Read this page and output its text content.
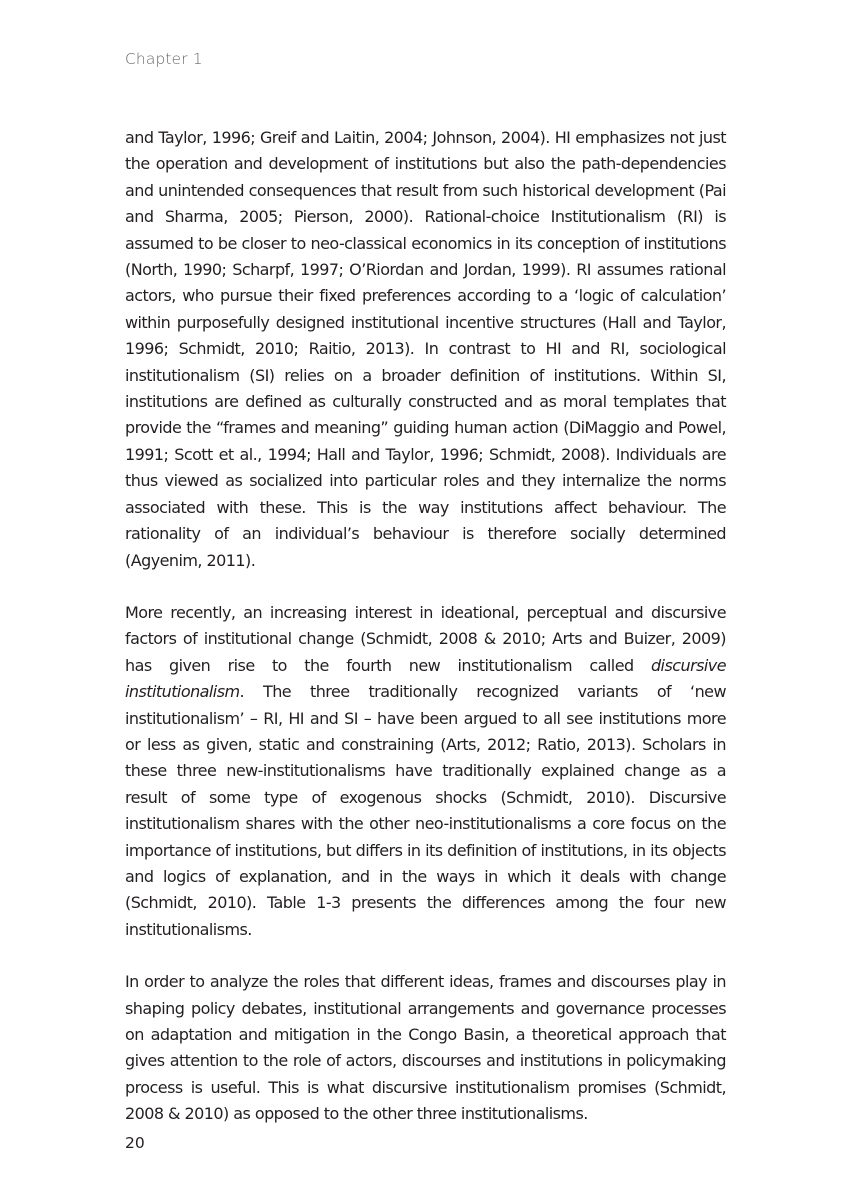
Chapter 1

and Taylor, 1996; Greif and Laitin, 2004; Johnson, 2004). HI emphasizes not just the operation and development of institutions but also the path-dependencies and unintended consequences that result from such historical development (Pai and Sharma, 2005; Pierson, 2000). Rational-choice Institutionalism (RI) is assumed to be closer to neo-classical economics in its conception of institutions (North, 1990; Scharpf, 1997; O’Riordan and Jordan, 1999). RI assumes rational actors, who pursue their fixed preferences according to a ‘logic of calculation’ within purposefully designed institutional incentive structures (Hall and Taylor, 1996; Schmidt, 2010; Raitio, 2013). In contrast to HI and RI, sociological institutionalism (SI) relies on a broader definition of institutions. Within SI, institutions are defined as culturally constructed and as moral templates that provide the “frames and meaning” guiding human action (DiMaggio and Powel, 1991; Scott et al., 1994; Hall and Taylor, 1996; Schmidt, 2008). Individuals are thus viewed as socialized into particular roles and they internalize the norms associated with these. This is the way institutions affect behaviour. The rationality of an individual’s behaviour is therefore socially determined (Agyenim, 2011).

More recently, an increasing interest in ideational, perceptual and discursive factors of institutional change (Schmidt, 2008 & 2010; Arts and Buizer, 2009) has given rise to the fourth new institutionalism called discursive institutionalism. The three traditionally recognized variants of ‘new institutionalism’ – RI, HI and SI – have been argued to all see institutions more or less as given, static and constraining (Arts, 2012; Ratio, 2013). Scholars in these three new-institutionalisms have traditionally explained change as a result of some type of exogenous shocks (Schmidt, 2010). Discursive institutionalism shares with the other neo-institutionalisms a core focus on the importance of institutions, but differs in its definition of institutions, in its objects and logics of explanation, and in the ways in which it deals with change (Schmidt, 2010). Table 1-3 presents the differences among the four new institutionalisms.

In order to analyze the roles that different ideas, frames and discourses play in shaping policy debates, institutional arrangements and governance processes on adaptation and mitigation in the Congo Basin, a theoretical approach that gives attention to the role of actors, discourses and institutions in policymaking process is useful. This is what discursive institutionalism promises (Schmidt, 2008 & 2010) as opposed to the other three institutionalisms.

20
